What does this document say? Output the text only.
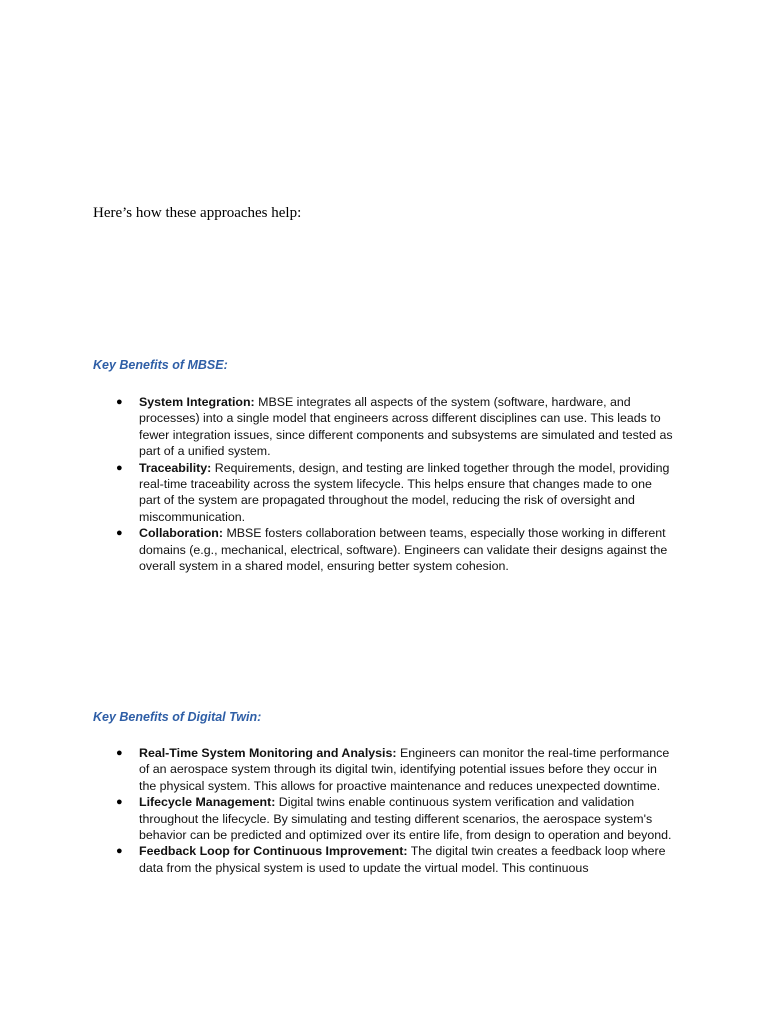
Here’s how these approaches help:

Key Benefits of MBSE:
● System Integration: MBSE integrates all aspects of the system (software, hardware, and processes) into a single model that engineers across different disciplines can use. This leads to fewer integration issues, since different components and subsystems are simulated and tested as part of a unified system.
● Traceability: Requirements, design, and testing are linked together through the model, providing real-time traceability across the system lifecycle. This helps ensure that changes made to one part of the system are propagated throughout the model, reducing the risk of oversight and miscommunication.
● Collaboration: MBSE fosters collaboration between teams, especially those working in different domains (e.g., mechanical, electrical, software). Engineers can validate their designs against the overall system in a shared model, ensuring better system cohesion.
Key Benefits of Digital Twin:
● Real-Time System Monitoring and Analysis: Engineers can monitor the real-time performance of an aerospace system through its digital twin, identifying potential issues before they occur in the physical system. This allows for proactive maintenance and reduces unexpected downtime.
● Lifecycle Management: Digital twins enable continuous system verification and validation throughout the lifecycle. By simulating and testing different scenarios, the aerospace system's behavior can be predicted and optimized over its entire life, from design to operation and beyond.
● Feedback Loop for Continuous Improvement: The digital twin creates a feedback loop where data from the physical system is used to update the virtual model. This continuous
